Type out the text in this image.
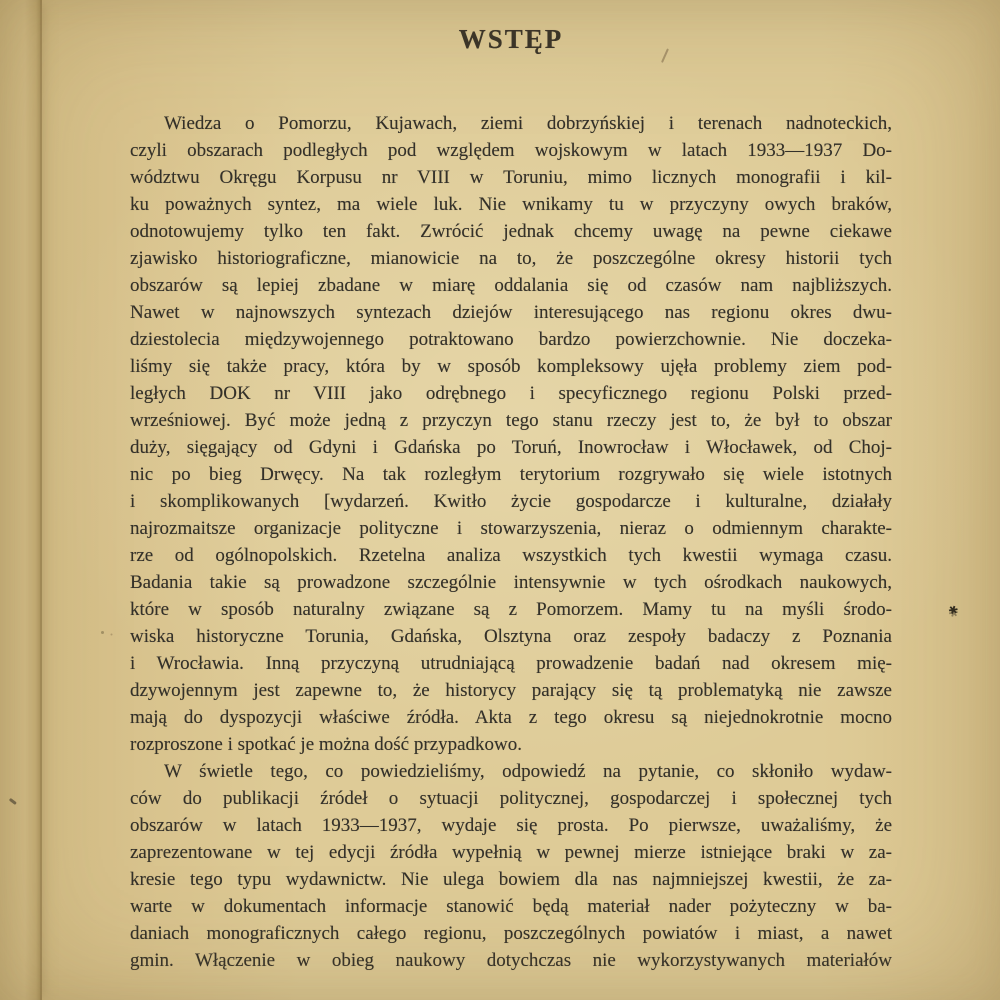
WSTĘP
Wiedza o Pomorzu, Kujawach, ziemi dobrzyńskiej i terenach nadnoteckich,
czyli obszarach podległych pod względem wojskowym w latach 1933—1937 Do-
wództwu Okręgu Korpusu nr VIII w Toruniu, mimo licznych monografii i kil-
ku poważnych syntez, ma wiele luk. Nie wnikamy tu w przyczyny owych braków,
odnotowujemy tylko ten fakt. Zwrócić jednak chcemy uwagę na pewne ciekawe
zjawisko historiograficzne, mianowicie na to, że poszczególne okresy historii tych
obszarów są lepiej zbadane w miarę oddalania się od czasów nam najbliższych.
Nawet w najnowszych syntezach dziejów interesującego nas regionu okres dwu-
dziestolecia międzywojennego potraktowano bardzo powierzchownie. Nie doczeka-
liśmy się także pracy, która by w sposób kompleksowy ujęła problemy ziem pod-
ległych DOK nr VIII jako odrębnego i specyficznego regionu Polski przed-
wrześniowej. Być może jedną z przyczyn tego stanu rzeczy jest to, że był to obszar
duży, sięgający od Gdyni i Gdańska po Toruń, Inowrocław i Włocławek, od Choj-
nic po bieg Drwęcy. Na tak rozległym terytorium rozgrywało się wiele istotnych
i skomplikowanych [wydarzeń. Kwitło życie gospodarcze i kulturalne, działały
najrozmaitsze organizacje polityczne i stowarzyszenia, nieraz o odmiennym charakte-
rze od ogólnopolskich. Rzetelna analiza wszystkich tych kwestii wymaga czasu.
Badania takie są prowadzone szczególnie intensywnie w tych ośrodkach naukowych,
które w sposób naturalny związane są z Pomorzem. Mamy tu na myśli środo-
wiska historyczne Torunia, Gdańska, Olsztyna oraz zespoły badaczy z Poznania
i Wrocławia. Inną przyczyną utrudniającą prowadzenie badań nad okresem mię-
dzywojennym jest zapewne to, że historycy parający się tą problematyką nie zawsze
mają do dyspozycji właściwe źródła. Akta z tego okresu są niejednokrotnie mocno
rozproszone i spotkać je można dość przypadkowo.
W świetle tego, co powiedzieliśmy, odpowiedź na pytanie, co skłoniło wydaw-
ców do publikacji źródeł o sytuacji politycznej, gospodarczej i społecznej tych
obszarów w latach 1933—1937, wydaje się prosta. Po pierwsze, uważaliśmy, że
zaprezentowane w tej edycji źródła wypełnią w pewnej mierze istniejące braki w za-
kresie tego typu wydawnictw. Nie ulega bowiem dla nas najmniejszej kwestii, że za-
warte w dokumentach informacje stanowić będą materiał nader pożyteczny w ba-
daniach monograficznych całego regionu, poszczególnych powiatów i miast, a nawet
gmin. Włączenie w obieg naukowy dotychczas nie wykorzystywanych materiałów
✱
